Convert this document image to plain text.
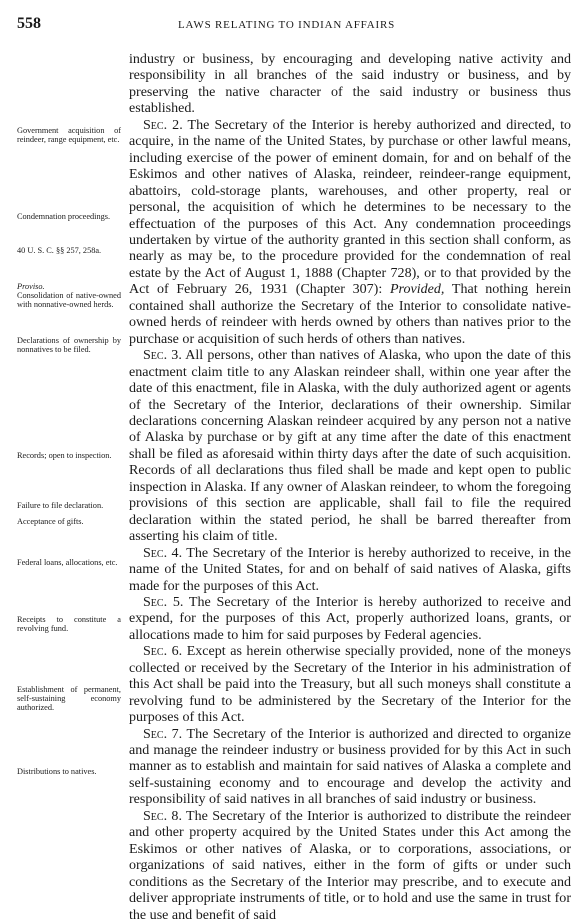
558	LAWS RELATING TO INDIAN AFFAIRS
Government acquisition of reindeer, range equipment, etc.
Condemnation proceedings.
40 U. S. C. §§ 257, 258a.
Proviso.
Consolidation of native-owned with nonnative-owned herds.
Declarations of ownership by nonnatives to be filed.
Records; open to inspection.
Failure to file declaration.
Acceptance of gifts.
Federal loans, allocations, etc.
Receipts to constitute a revolving fund.
Establishment of permanent, self-sustaining economy authorized.
Distributions to natives.

industry or business, by encouraging and developing native activity and responsibility in all branches of the said industry or business, and by preserving the native character of the said industry or business thus established.

Sec. 2. The Secretary of the Interior is hereby authorized and directed, to acquire, in the name of the United States, by purchase or other lawful means, including exercise of the power of eminent domain, for and on behalf of the Eskimos and other natives of Alaska, reindeer, reindeer-range equipment, abattoirs, cold-storage plants, warehouses, and other property, real or personal, the acquisition of which he determines to be necessary to the effectuation of the purposes of this Act. Any condemnation proceedings undertaken by virtue of the authority granted in this section shall conform, as nearly as may be, to the procedure provided for the condemnation of real estate by the Act of August 1, 1888 (Chapter 728), or to that provided by the Act of February 26, 1931 (Chapter 307): Provided, That nothing herein contained shall authorize the Secretary of the Interior to consolidate native-owned herds of reindeer with herds owned by others than natives prior to the purchase or acquisition of such herds of others than natives.

Sec. 3. All persons, other than natives of Alaska, who upon the date of this enactment claim title to any Alaskan reindeer shall, within one year after the date of this enactment, file in Alaska, with the duly authorized agent or agents of the Secretary of the Interior, declarations of their ownership. Similar declarations concerning Alaskan reindeer acquired by any person not a native of Alaska by purchase or by gift at any time after the date of this enactment shall be filed as aforesaid within thirty days after the date of such acquisition. Records of all declarations thus filed shall be made and kept open to public inspection in Alaska. If any owner of Alaskan reindeer, to whom the foregoing provisions of this section are applicable, shall fail to file the required declaration within the stated period, he shall be barred thereafter from asserting his claim of title.

Sec. 4. The Secretary of the Interior is hereby authorized to receive, in the name of the United States, for and on behalf of said natives of Alaska, gifts made for the purposes of this Act.

Sec. 5. The Secretary of the Interior is hereby authorized to receive and expend, for the purposes of this Act, properly authorized loans, grants, or allocations made to him for said purposes by Federal agencies.

Sec. 6. Except as herein otherwise specially provided, none of the moneys collected or received by the Secretary of the Interior in his administration of this Act shall be paid into the Treasury, but all such moneys shall constitute a revolving fund to be administered by the Secretary of the Interior for the purposes of this Act.

Sec. 7. The Secretary of the Interior is authorized and directed to organize and manage the reindeer industry or business provided for by this Act in such manner as to establish and maintain for said natives of Alaska a complete and self-sustaining economy and to encourage and develop the activity and responsibility of said natives in all branches of said industry or business.

Sec. 8. The Secretary of the Interior is authorized to distribute the reindeer and other property acquired by the United States under this Act among the Eskimos or other natives of Alaska, or to corporations, associations, or organizations of said natives, either in the form of gifts or under such conditions as the Secretary of the Interior may prescribe, and to execute and deliver appropriate instruments of title, or to hold and use the same in trust for the use and benefit of said
